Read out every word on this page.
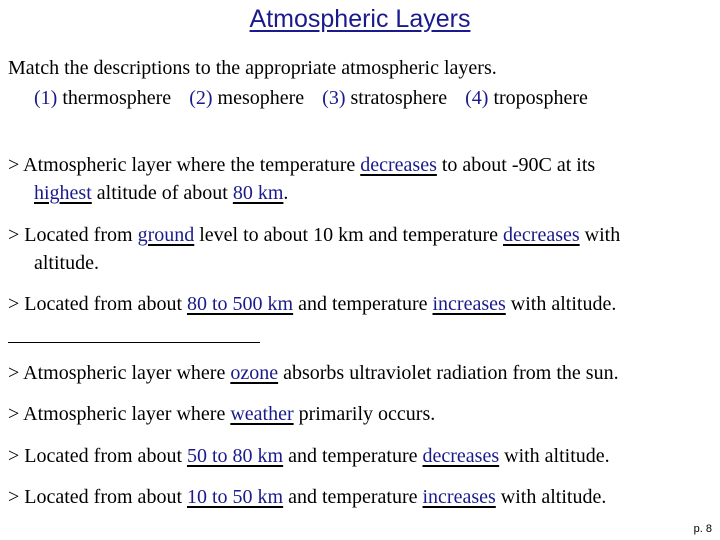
Atmospheric Layers
Match the descriptions to the appropriate atmospheric layers.
(1) thermosphere (2) mesophere (3) stratosphere (4) troposphere
> Atmospheric layer where the temperature decreases to about -90C at its
highest altitude of about 80 km.
> Located from ground level to about 10 km and temperature decreases with
altitude.
> Located from about 80 to 500 km and temperature increases with altitude.
> Atmospheric layer where ozone absorbs ultraviolet radiation from the sun.
> Atmospheric layer where weather primarily occurs.
> Located from about 50 to 80 km and temperature decreases with altitude.
> Located from about 10 to 50 km and temperature increases with altitude.
p. 8
